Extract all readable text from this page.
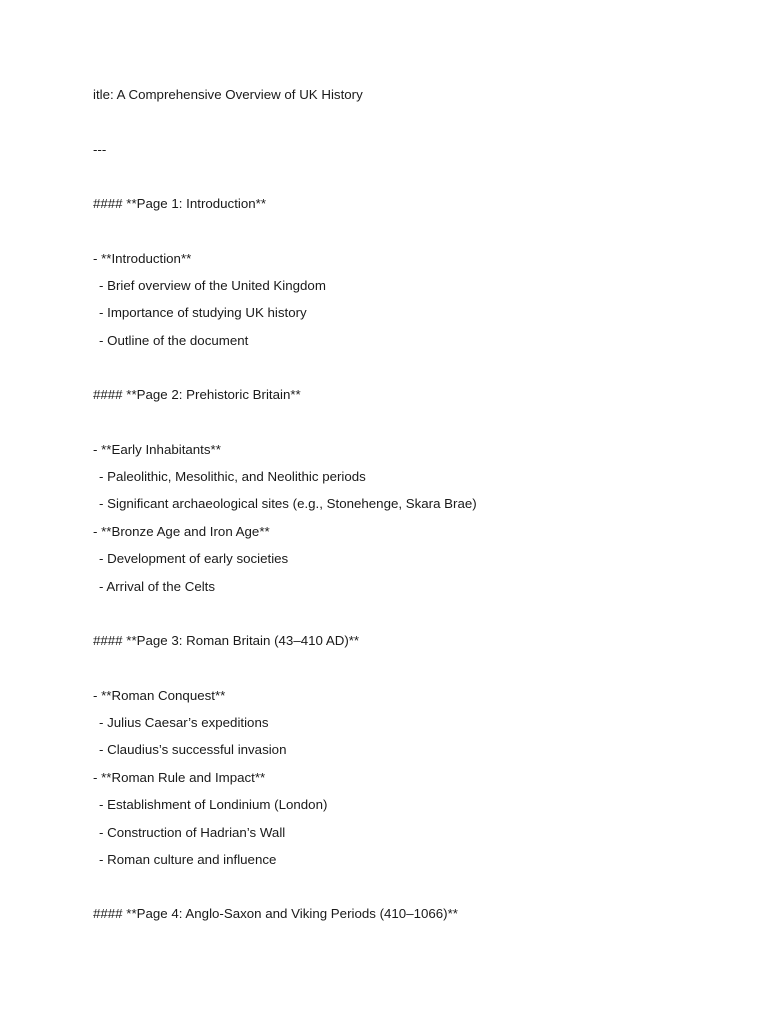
itle: A Comprehensive Overview of UK History
---
#### **Page 1: Introduction**
- **Introduction**
- Brief overview of the United Kingdom
- Importance of studying UK history
- Outline of the document
#### **Page 2: Prehistoric Britain**
- **Early Inhabitants**
- Paleolithic, Mesolithic, and Neolithic periods
- Significant archaeological sites (e.g., Stonehenge, Skara Brae)
- **Bronze Age and Iron Age**
- Development of early societies
- Arrival of the Celts
#### **Page 3: Roman Britain (43–410 AD)**
- **Roman Conquest**
- Julius Caesar’s expeditions
- Claudius’s successful invasion
- **Roman Rule and Impact**
- Establishment of Londinium (London)
- Construction of Hadrian’s Wall
- Roman culture and influence
#### **Page 4: Anglo-Saxon and Viking Periods (410–1066)**
